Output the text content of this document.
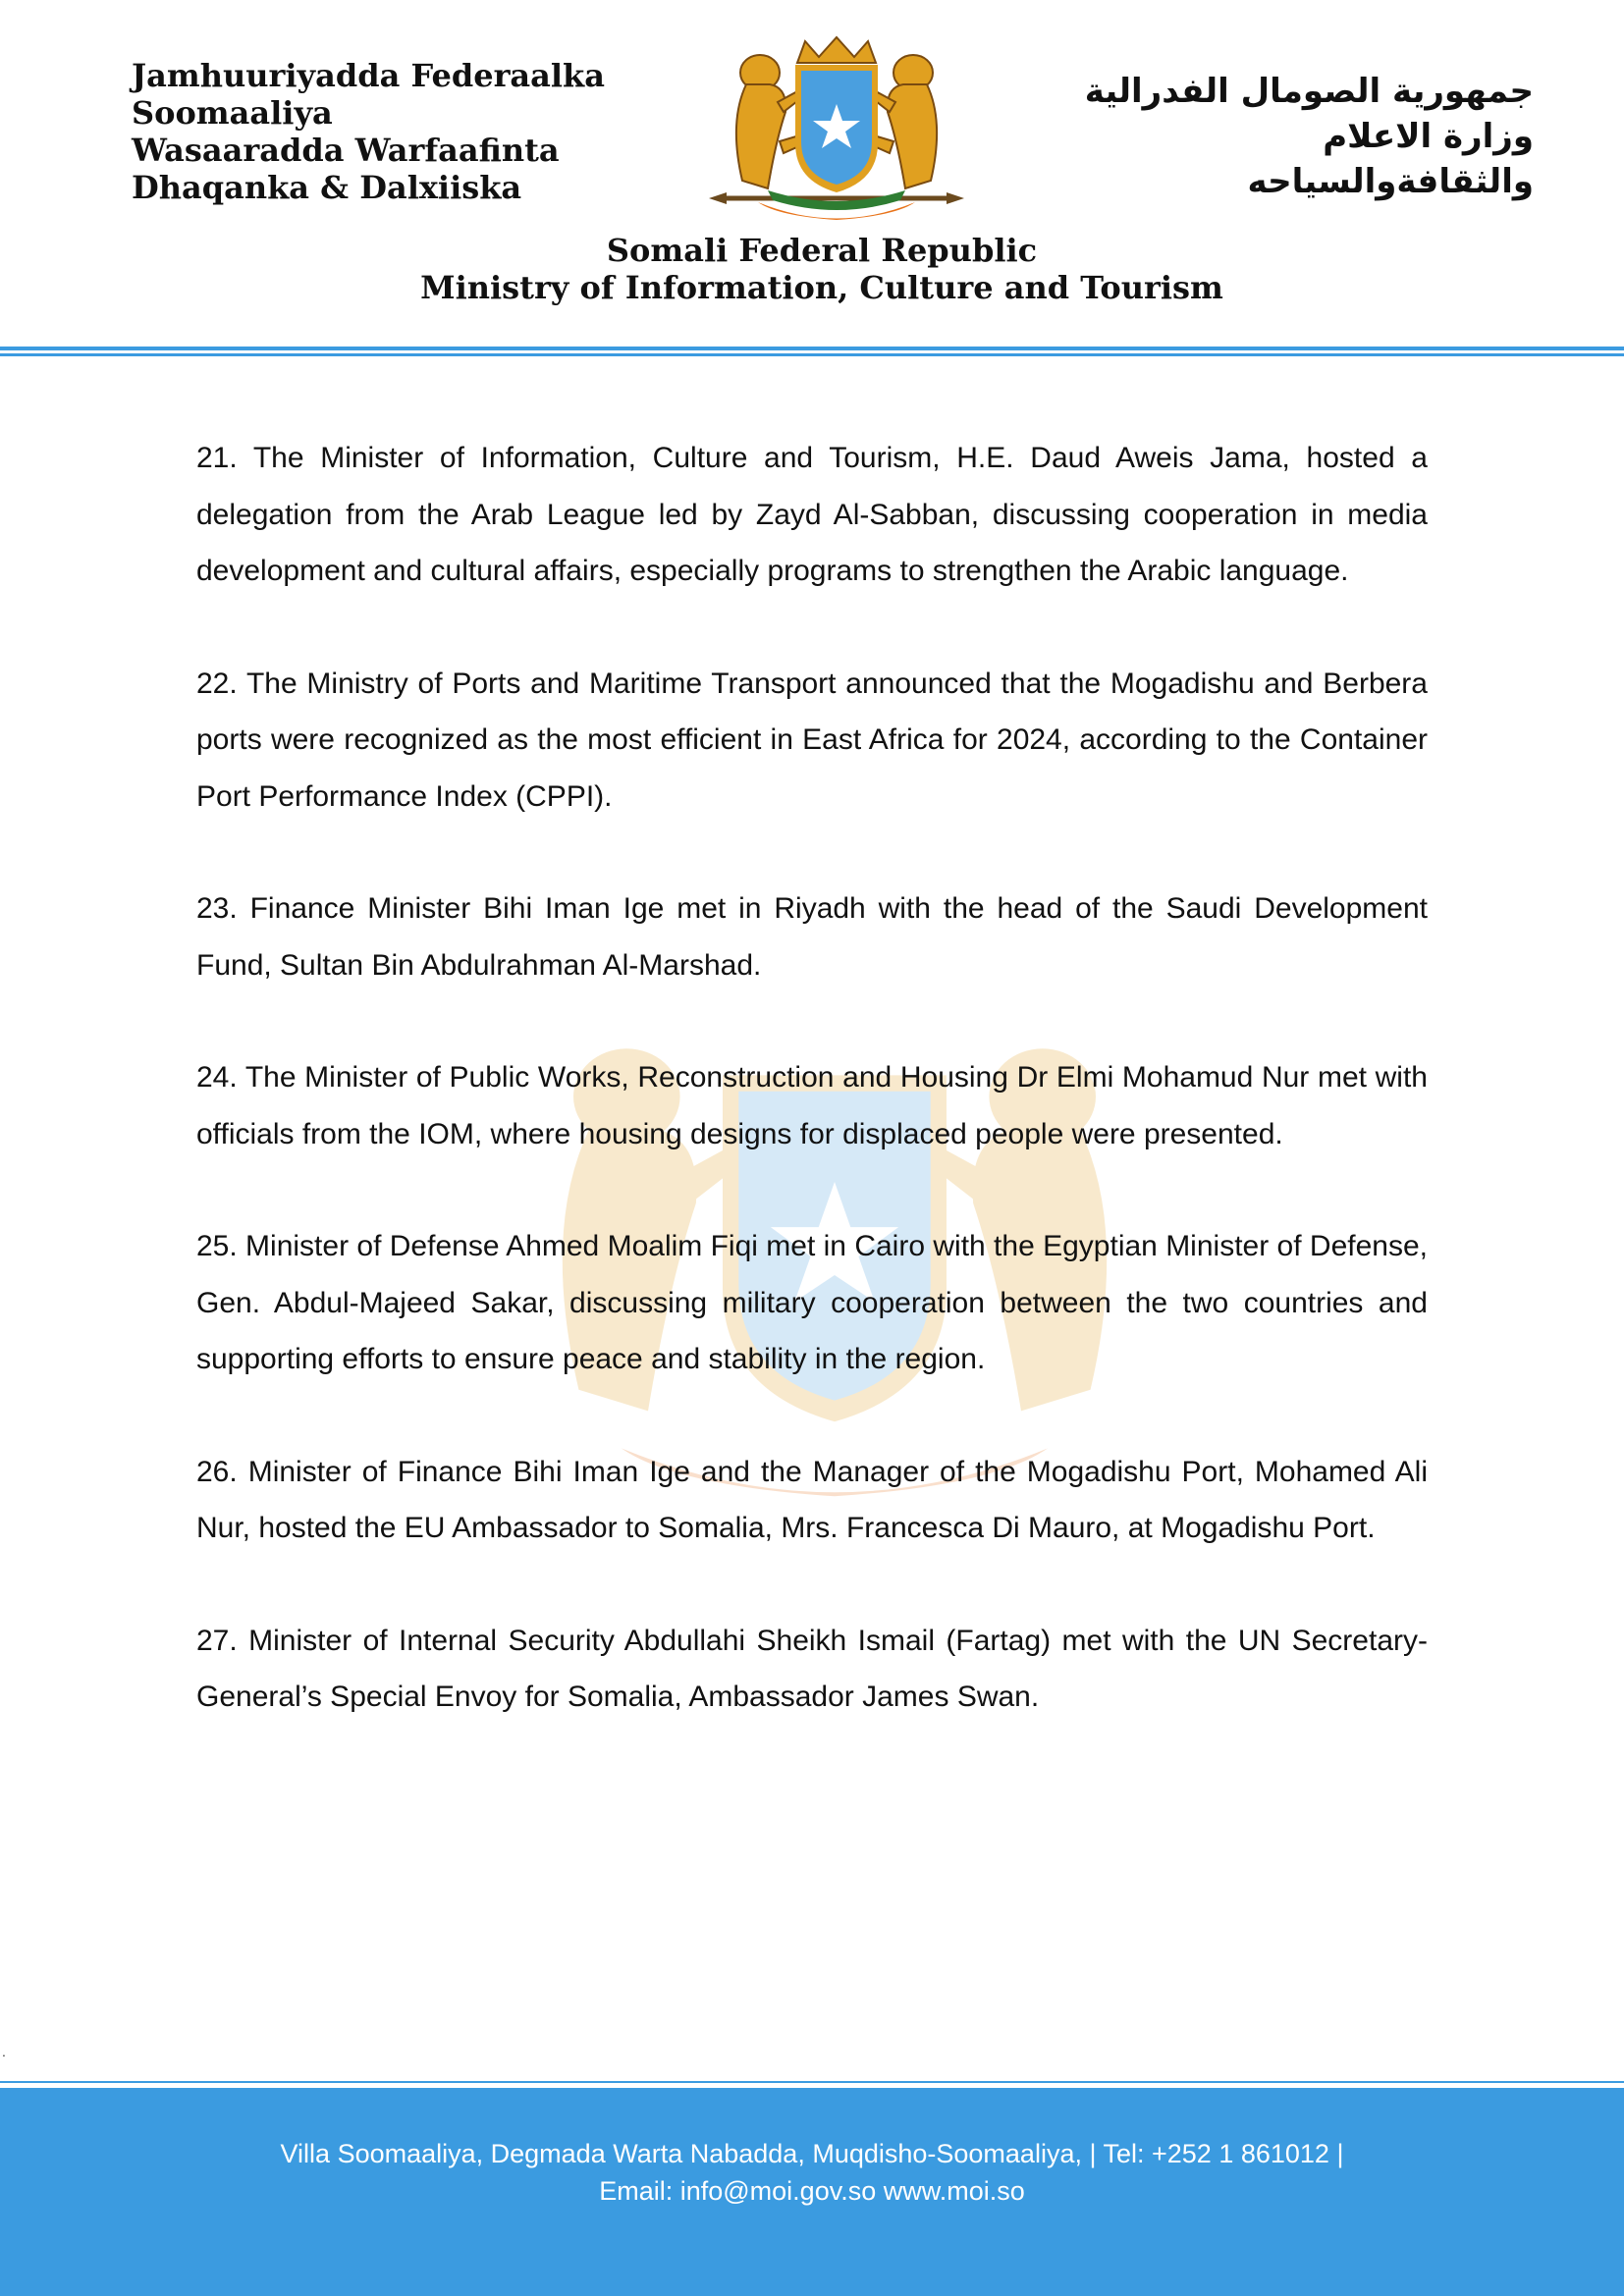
Jamhuuriyadda Federaalka
Soomaaliya
Wasaaradda Warfaafinta
Dhaqanka & Dalxiiska
جمهورية الصومال الفدرالية
وزارة الاعلام
والثقافةوالسياحه
Somali Federal Republic
Ministry of Information, Culture and Tourism

21. The Minister of Information, Culture and Tourism, H.E. Daud Aweis Jama, hosted a delegation from the Arab League led by Zayd Al-Sabban, discussing cooperation in media development and cultural affairs, especially programs to strengthen the Arabic language.

22. The Ministry of Ports and Maritime Transport announced that the Mogadishu and Berbera ports were recognized as the most efficient in East Africa for 2024, according to the Container Port Performance Index (CPPI).

23. Finance Minister Bihi Iman Ige met in Riyadh with the head of the Saudi Development Fund, Sultan Bin Abdulrahman Al-Marshad.

24. The Minister of Public Works, Reconstruction and Housing Dr Elmi Mohamud Nur met with officials from the IOM, where housing designs for displaced people were presented.

25. Minister of Defense Ahmed Moalim Fiqi met in Cairo with the Egyptian Minister of Defense, Gen. Abdul-Majeed Sakar, discussing military cooperation between the two countries and supporting efforts to ensure peace and stability in the region.

26. Minister of Finance Bihi Iman Ige and the Manager of the Mogadishu Port, Mohamed Ali Nur, hosted the EU Ambassador to Somalia, Mrs. Francesca Di Mauro, at Mogadishu Port.

27. Minister of Internal Security Abdullahi Sheikh Ismail (Fartag) met with the UN Secretary-General’s Special Envoy for Somalia, Ambassador James Swan.

.
Villa Soomaaliya, Degmada Warta Nabadda, Muqdisho-Soomaaliya, | Tel: +252 1 861012 |
Email: info@moi.gov.so www.moi.so
